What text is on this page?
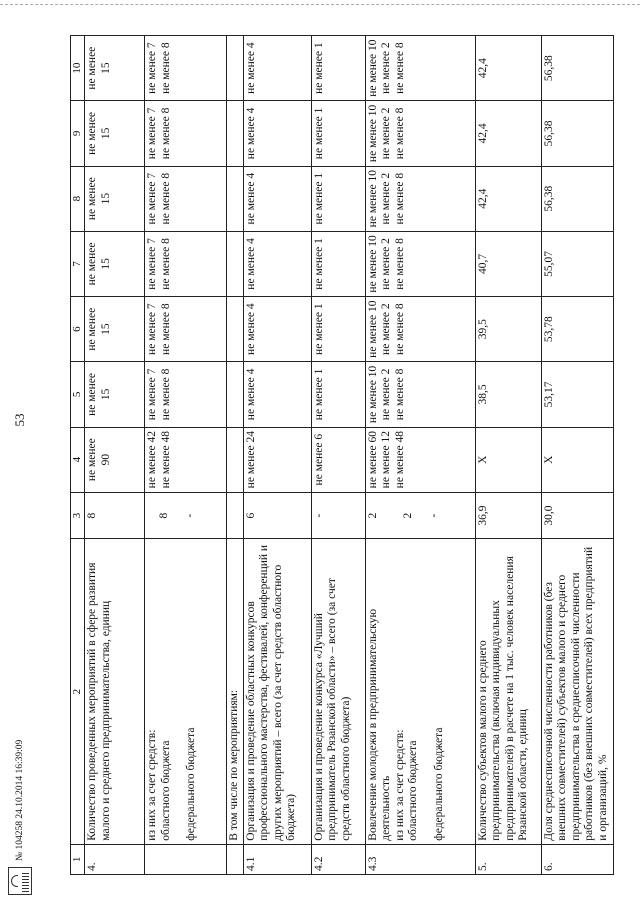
53
1	2	3	4	5	6	7	8	9	10
4.	Количество проведенных мероприятий в сфере развития малого и среднего предпринимательства, единиц	8	не менее 90	не менее 15	не менее 15	не менее 15	не менее 15	не менее 15	не менее 15

	из них за счет средств: областного бюджета федерального бюджета	8 -	не менее 42 не менее 48	не менее 7 не менее 8	не менее 7 не менее 8	не менее 7 не менее 8	не менее 7 не менее 8	не менее 7 не менее 8	не менее 7 не менее 8

	В том числе по мероприятиям:								
4.1	Организация и проведение областных конкурсов профессионального мастерства, фестивалей, конференций и других мероприятий – всего (за счет средств областного бюджета)	6	не менее 24	не менее 4	не менее 4	не менее 4	не менее 4	не менее 4	не менее 4
4.2	Организация и проведение конкурса «Лучший предприниматель Рязанской области» – всего (за счет средств областного бюджета)	-	не менее 6	не менее 1	не менее 1	не менее 1	не менее 1	не менее 1	не менее 1
4.3	Вовлечение молодежи в предпринимательскую деятельность из них за счет средств: областного бюджета федерального бюджета	2 2 -	не менее 60 не менее 12 не менее 48	не менее 10 не менее 2 не менее 8	не менее 10 не менее 2 не менее 8	не менее 10 не менее 2 не менее 8	не менее 10 не менее 2 не менее 8	не менее 10 не менее 2 не менее 8	не менее 10 не менее 2 не менее 8

5.	Количество субъектов малого и среднего предпринимательства (включая индивидуальных предпринимателей) в расчете на 1 тыс. человек населения Рязанской области, единиц	36,9	Х	38,5	39,5	40,7	42,4	42,4	42,4
6.	Доля среднесписочной численности работников (без внешних совместителей) субъектов малого и среднего предпринимательства в среднесписочной численности работников (без внешних совместителей) всех предприятий и организаций, %	30,0	Х	53,17	53,78	55,07	56,38	56,38	56,38
№ 104258 24.10.2014 16:39:09
